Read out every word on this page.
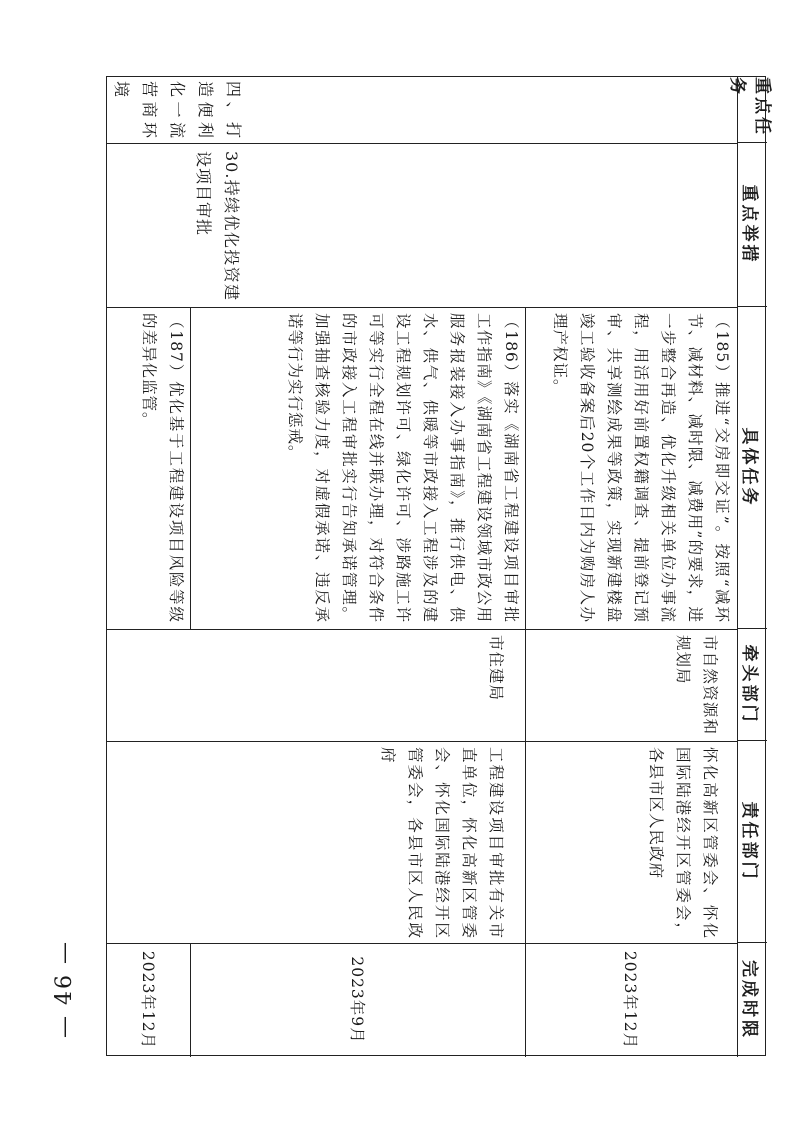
— 46 —
重点任务
重点举措
具体任务
牵头部门
责任部门
完成时限
四、打造便利化一流营商环境
30.持续优化投资建设项目审批
（185）推进“交房即交证”。按照“减环节、减材料、减时限、减费用”的要求，进一步整合再造、优化升级相关单位办事流程，用活用好前置权籍调查、提前登记预审、共享测绘成果等政策，实现新建楼盘竣工验收备案后20个工作日内为购房人办理产权证。
市自然资源和规划局
怀化高新区管委会、怀化国际陆港经开区管委会，各县市区人民政府
2023年12月
（186）落实《湖南省工程建设项目审批工作指南》《湖南省工程建设领域市政公用服务报装接入办事指南》，推行供电、供水、供气、供暖等市政接入工程涉及的建设工程规划许可、绿化许可、涉路施工许可等实行全程在线并联办理，对符合条件的市政接入工程审批实行告知承诺管理。加强抽查核验力度，对虚假承诺、违反承诺等行为实行惩戒。
市住建局
工程建设项目审批有关市直单位，怀化高新区管委会、怀化国际陆港经开区管委会，各县市区人民政府
2023年9月
（187）优化基于工程建设项目风险等级的差异化监管。
2023年12月
